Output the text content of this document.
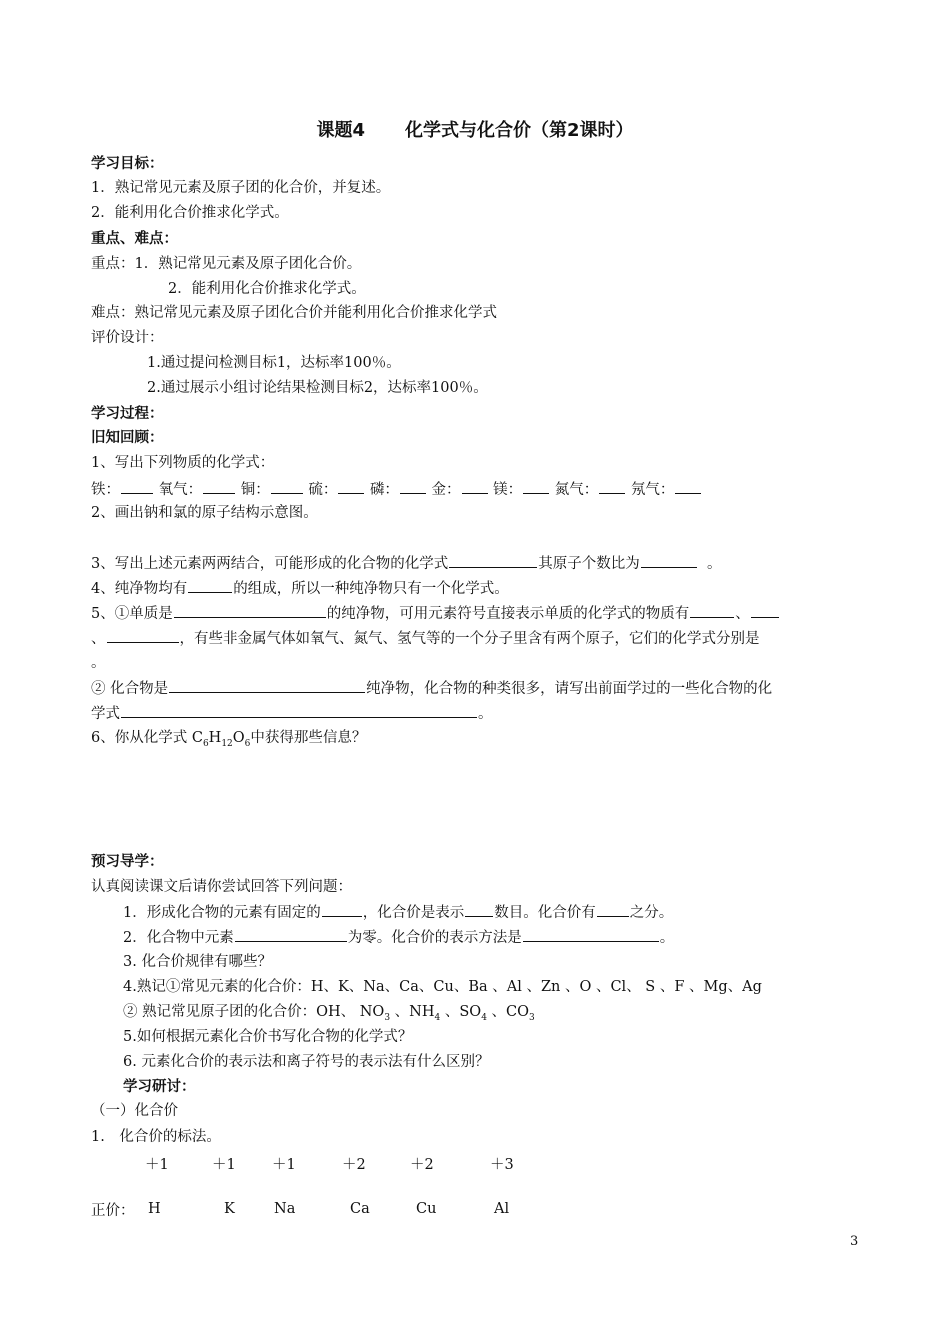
课题4 化学式与化合价（第2课时）
学习目标：
1．熟记常见元素及原子团的化合价，并复述。
2．能利用化合价推求化学式。
重点、难点：
重点：1．熟记常见元素及原子团化合价。
2．能利用化合价推求化学式。
难点：熟记常见元素及原子团化合价并能利用化合价推求化学式
评价设计：
1.通过提问检测目标1，达标率100％。
2.通过展示小组讨论结果检测目标2，达标率100％。
学习过程：
旧知回顾：
1、写出下列物质的化学式：
铁：	氧气：	铜：	硫： 磷： 金： 镁： 氮气： 氖气：
2、画出钠和氯的原子结构示意图。
3、写出上述元素两两结合，可能形成的化合物的化学式	其原子个数比为	。
4、纯净物均有	的组成，所以一种纯净物只有一个化学式。
5、①单质是	的纯净物，可用元素符号直接表示单质的化学式的物质有	、
、	，有些非金属气体如氧气、氮气、氢气等的一个分子里含有两个原子，它们的化学式分别是
。
② 化合物是	纯净物，化合物的种类很多，请写出前面学过的一些化合物的化
学式	。
6、你从化学式 $C_6H_{12}O_6$中获得那些信息？
预习导学：
认真阅读课文后请你尝试回答下列问题：
1．形成化合物的元素有固定的	，化合价是表示 数目。化合价有 之分。
2．化合物中元素	为零。化合价的表示方法是	。
3. 化合价规律有哪些？
4.熟记①常见元素的化合价：H、K、Na、Ca、Cu、Ba 、Al 、Zn 、O 、Cl、 S 、F 、Mg、Ag
② 熟记常见原子团的化合价：OH、 $NO_3$ 、$NH_4$ 、$SO_4$ 、$CO_3$
5.如何根据元素化合价书写化合物的化学式？
6. 元素化合价的表示法和离子符号的表示法有什么区别？
学习研讨：
（一）化合价
1.　化合价的标法。
＋1	＋1	＋1	＋2	＋2	＋3
正价： H	K	Na	Ca	Cu	Al
3
